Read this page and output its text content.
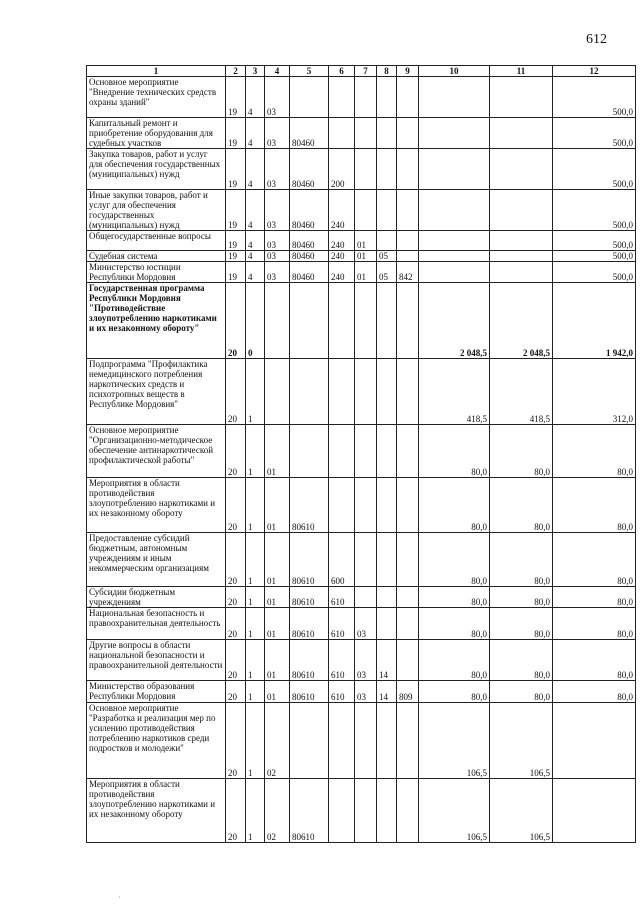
612
1	2	3	4	5	6	7	8	9	10	11	12
Основное мероприятие "Внедрение технических средств охраны зданий"	19	4	03								500,0
Капитальный ремонт и приобретение оборудования для судебных участков	19	4	03	80460							500,0
Закупка товаров, работ и услуг для обеспечения государственных (муниципальных) нужд	19	4	03	80460	200						500,0
Иные закупки товаров, работ и услуг для обеспечения государственных (муниципальных) нужд	19	4	03	80460	240						500,0
Общегосударственные вопросы	19	4	03	80460	240	01					500,0
Судебная система	19	4	03	80460	240	01	05				500,0
Министерство юстиции Республики Мордовия	19	4	03	80460	240	01	05	842			500,0
Государственная программа Республики Мордовия "Противодействие злоупотреблению наркотиками и их незаконному обороту"	20	0							2 048,5	2 048,5	1 942,0
Подпрограмма "Профилактика немедицинского потребления наркотических средств и психотропных веществ в Республике Мордовия"	20	1							418,5	418,5	312,0
Основное мероприятие "Организационно-методическое обеспечение антинаркотической профилактической работы"	20	1	01						80,0	80,0	80,0
Мероприятия в области противодействия злоупотреблению наркотиками и их незаконному обороту	20	1	01	80610					80,0	80,0	80,0
Предоставление субсидий бюджетным, автономным учреждениям и иным некоммерческим организациям	20	1	01	80610	600				80,0	80,0	80,0
Субсидии бюджетным учреждениям	20	1	01	80610	610				80,0	80,0	80,0
Национальная безопасность и правоохранительная деятельность	20	1	01	80610	610	03			80,0	80,0	80,0
Другие вопросы в области национальной безопасности и правоохранительной деятельности	20	1	01	80610	610	03	14		80,0	80,0	80,0
Министерство образования Республики Мордовия	20	1	01	80610	610	03	14	809	80,0	80,0	80,0
Основное мероприятие "Разработка и реализация мер по усилению противодействия потреблению наркотиков среди подростков и молодежи"	20	1	02						106,5	106,5	
Мероприятия в области противодействия злоупотреблению наркотиками и их незаконному обороту	20	1	02	80610					106,5	106,5	
·
